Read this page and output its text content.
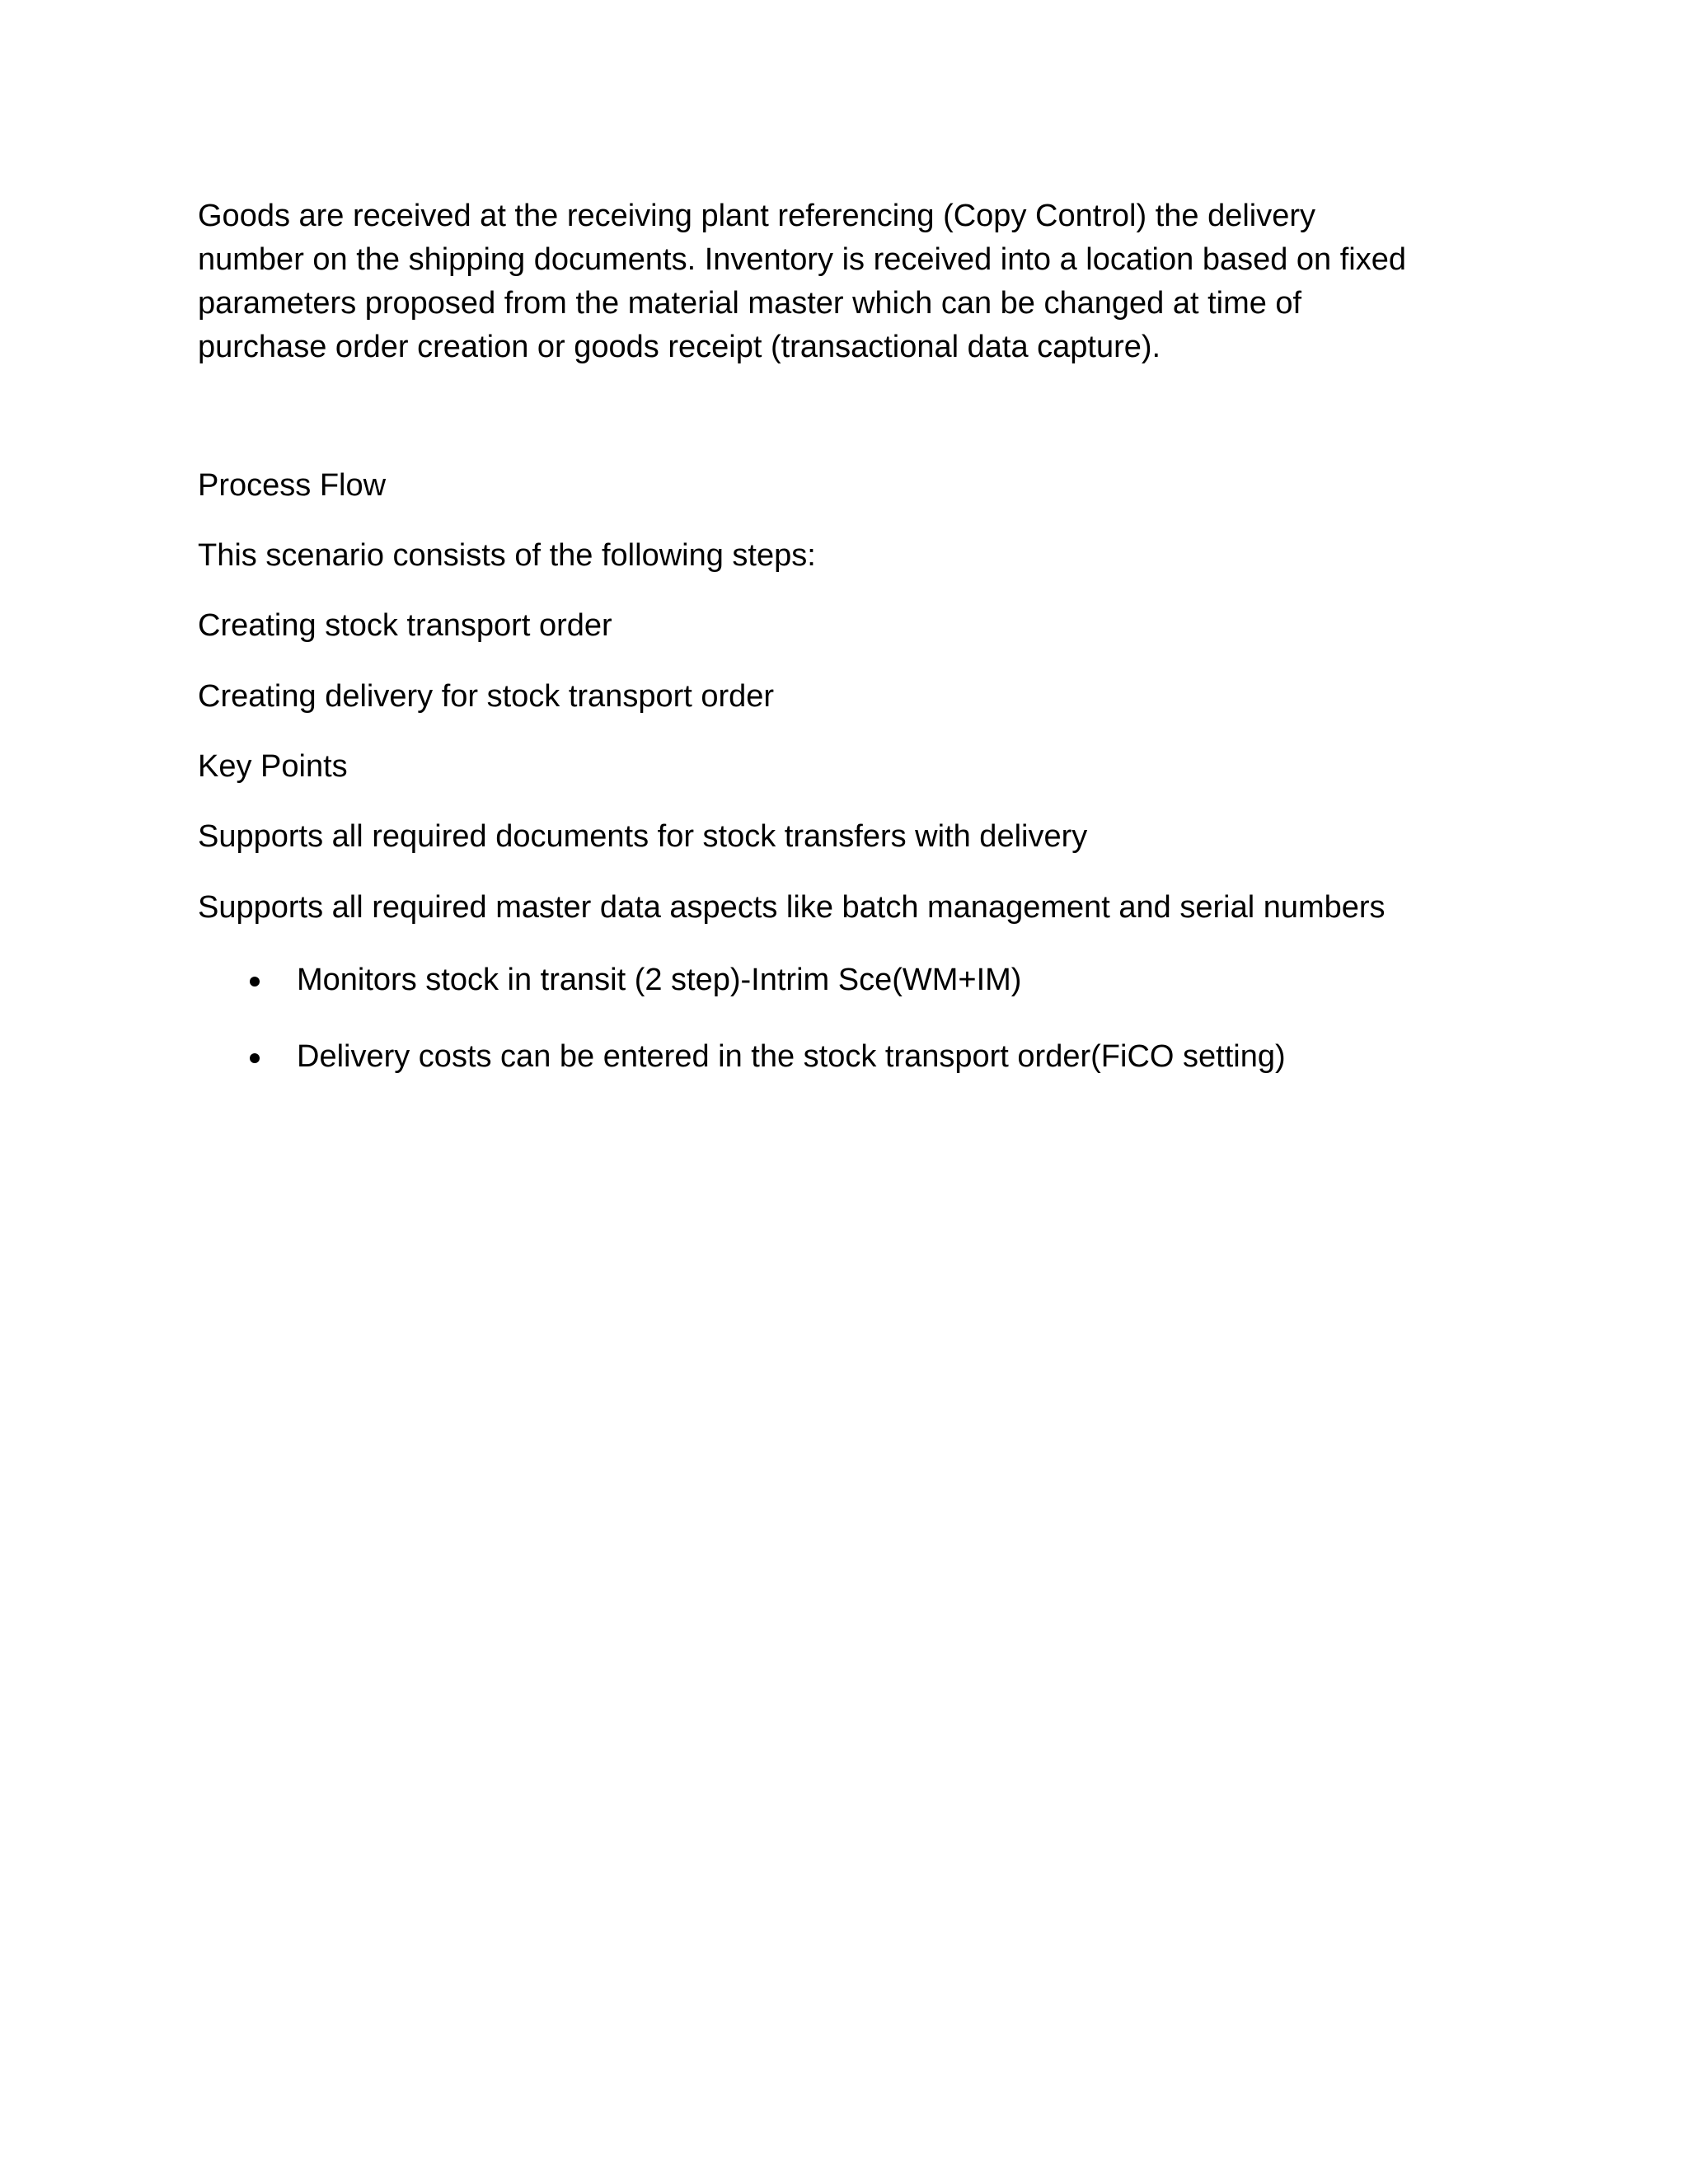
Goods are received at the receiving plant referencing (Copy Control) the delivery
number on the shipping documents. Inventory is received into a location based on fixed
parameters proposed from the material master which can be changed at time of
purchase order creation or goods receipt (transactional data capture).

Process Flow

This scenario consists of the following steps:

Creating stock transport order

Creating delivery for stock transport order

Key Points

Supports all required documents for stock transfers with delivery

Supports all required master data aspects like batch management and serial numbers

Monitors stock in transit (2 step)-Intrim Sce(WM+IM)
Delivery costs can be entered in the stock transport order(FiCO setting)
